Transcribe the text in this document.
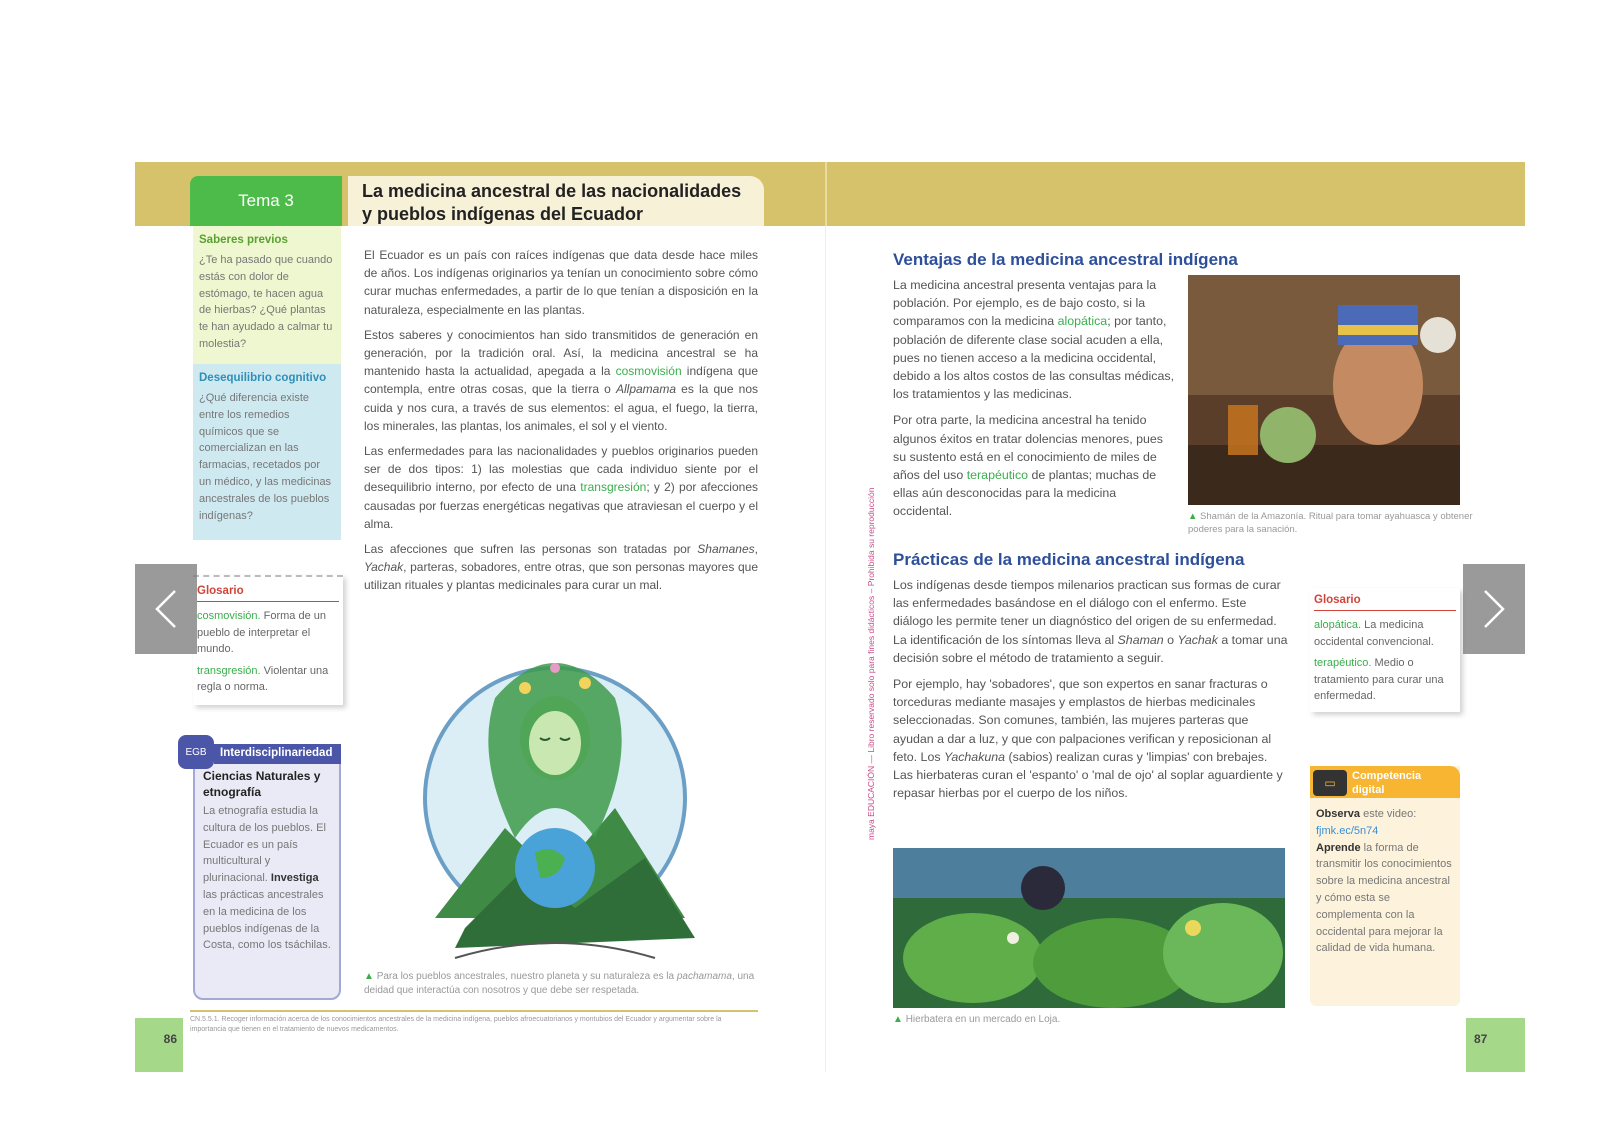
Tema 3	La medicina ancestral de las nacionalidades
y pueblos indígenas del Ecuador
Saberes previos

¿Te ha pasado que cuando estás con dolor de estómago, te hacen agua de hierbas? ¿Qué plantas te han ayudado a calmar tu molestia?

Desequilibrio cognitivo

¿Qué diferencia existe entre los remedios químicos que se comercializan en las farmacias, recetados por un médico, y las medicinas ancestrales de los pueblos indígenas?

Glosario

cosmovisión. Forma de un pueblo de interpretar el mundo.

transgresión. Violentar una regla o norma.

Ciencias Naturales y etnografía

La etnografía estudia la cultura de los pueblos. El Ecuador es un país multicultural y plurinacional. Investiga las prácticas ancestrales en la medicina de los pueblos indígenas de la Costa, como los tsáchilas.

Interdisciplinariedad
EGB

El Ecuador es un país con raíces indígenas que data desde hace miles de años. Los indígenas originarios ya tenían un conocimiento sobre cómo curar muchas enfermedades, a partir de lo que tenían a disposición en la naturaleza, especialmente en las plantas.

Estos saberes y conocimientos han sido transmitidos de generación en generación, por la tradición oral. Así, la medicina ancestral se ha mantenido hasta la actualidad, apegada a la cosmovisión indígena que contempla, entre otras cosas, que la tierra o Allpamama es la que nos cuida y nos cura, a través de sus elementos: el agua, el fuego, la tierra, los minerales, las plantas, los animales, el sol y el viento.

Las enfermedades para las nacionalidades y pueblos originarios pueden ser de dos tipos: 1) las molestias que cada individuo siente por el desequilibrio interno, por efecto de una transgresión; y 2) por afecciones causadas por fuerzas energéticas negativas que atraviesan el cuerpo y el alma.

Las afecciones que sufren las personas son tratadas por Shamanes, Yachak, parteras, sobadores, entre otras, que son personas mayores que utilizan rituales y plantas medicinales para curar un mal.

▲ Para los pueblos ancestrales, nuestro planeta y su naturaleza es la pachamama, una deidad que interactúa con nosotros y que debe ser respetada.
CN.5.5.1. Recoger información acerca de los conocimientos ancestrales de la medicina indígena, pueblos afroecuatorianos y montubios del Ecuador y argumentar sobre la importancia que tienen en el tratamiento de nuevos medicamentos.
86
maya EDUCACIÓN — Libro reservado solo para fines didácticos – Prohibida su reproducción
Ventajas de la medicina ancestral indígena

La medicina ancestral presenta ventajas para la población. Por ejemplo, es de bajo costo, si la comparamos con la medicina alopática; por tanto, población de diferente clase social acuden a ella, pues no tienen acceso a la medicina occidental, debido a los altos costos de las consultas médicas, los tratamientos y las medicinas.

Por otra parte, la medicina ancestral ha tenido algunos éxitos en tratar dolencias menores, pues su sustento está en el conocimiento de miles de años del uso terapéutico de plantas; muchas de ellas aún desconocidas para la medicina occidental.	▲ Shamán de la Amazonía. Ritual para tomar ayahuasca y obtener poderes para la sanación.
Prácticas de la medicina ancestral indígena

Los indígenas desde tiempos milenarios practican sus formas de curar las enfermedades basándose en el diálogo con el enfermo. Este diálogo les permite tener un diagnóstico del origen de su enfermedad. La identificación de los síntomas lleva al Shaman o Yachak a tomar una decisión sobre el método de tratamiento a seguir.

Por ejemplo, hay 'sobadores', que son expertos en sanar fracturas o torceduras mediante masajes y emplastos de hierbas medicinales seleccionadas. Son comunes, también, las mujeres parteras que ayudan a dar a luz, y que con palpaciones verifican y reposicionan al feto. Los Yachakuna (sabios) realizan curas y 'limpias' con brebajes. Las hierbateras curan el 'espanto' o 'mal de ojo' al soplar aguardiente y repasar hierbas por el cuerpo de los niños.

▲ Hierbatera en un mercado en Loja.
Glosario

alopática. La medicina occidental convencional.

terapéutico. Medio o tratamiento para curar una enfermedad.

Competencia digital
▭
Observa este video:
fjmk.ec/5n74
Aprende la forma de transmitir los conocimientos sobre la medicina ancestral y cómo esta se complementa con la occidental para mejorar la calidad de vida humana.
87
